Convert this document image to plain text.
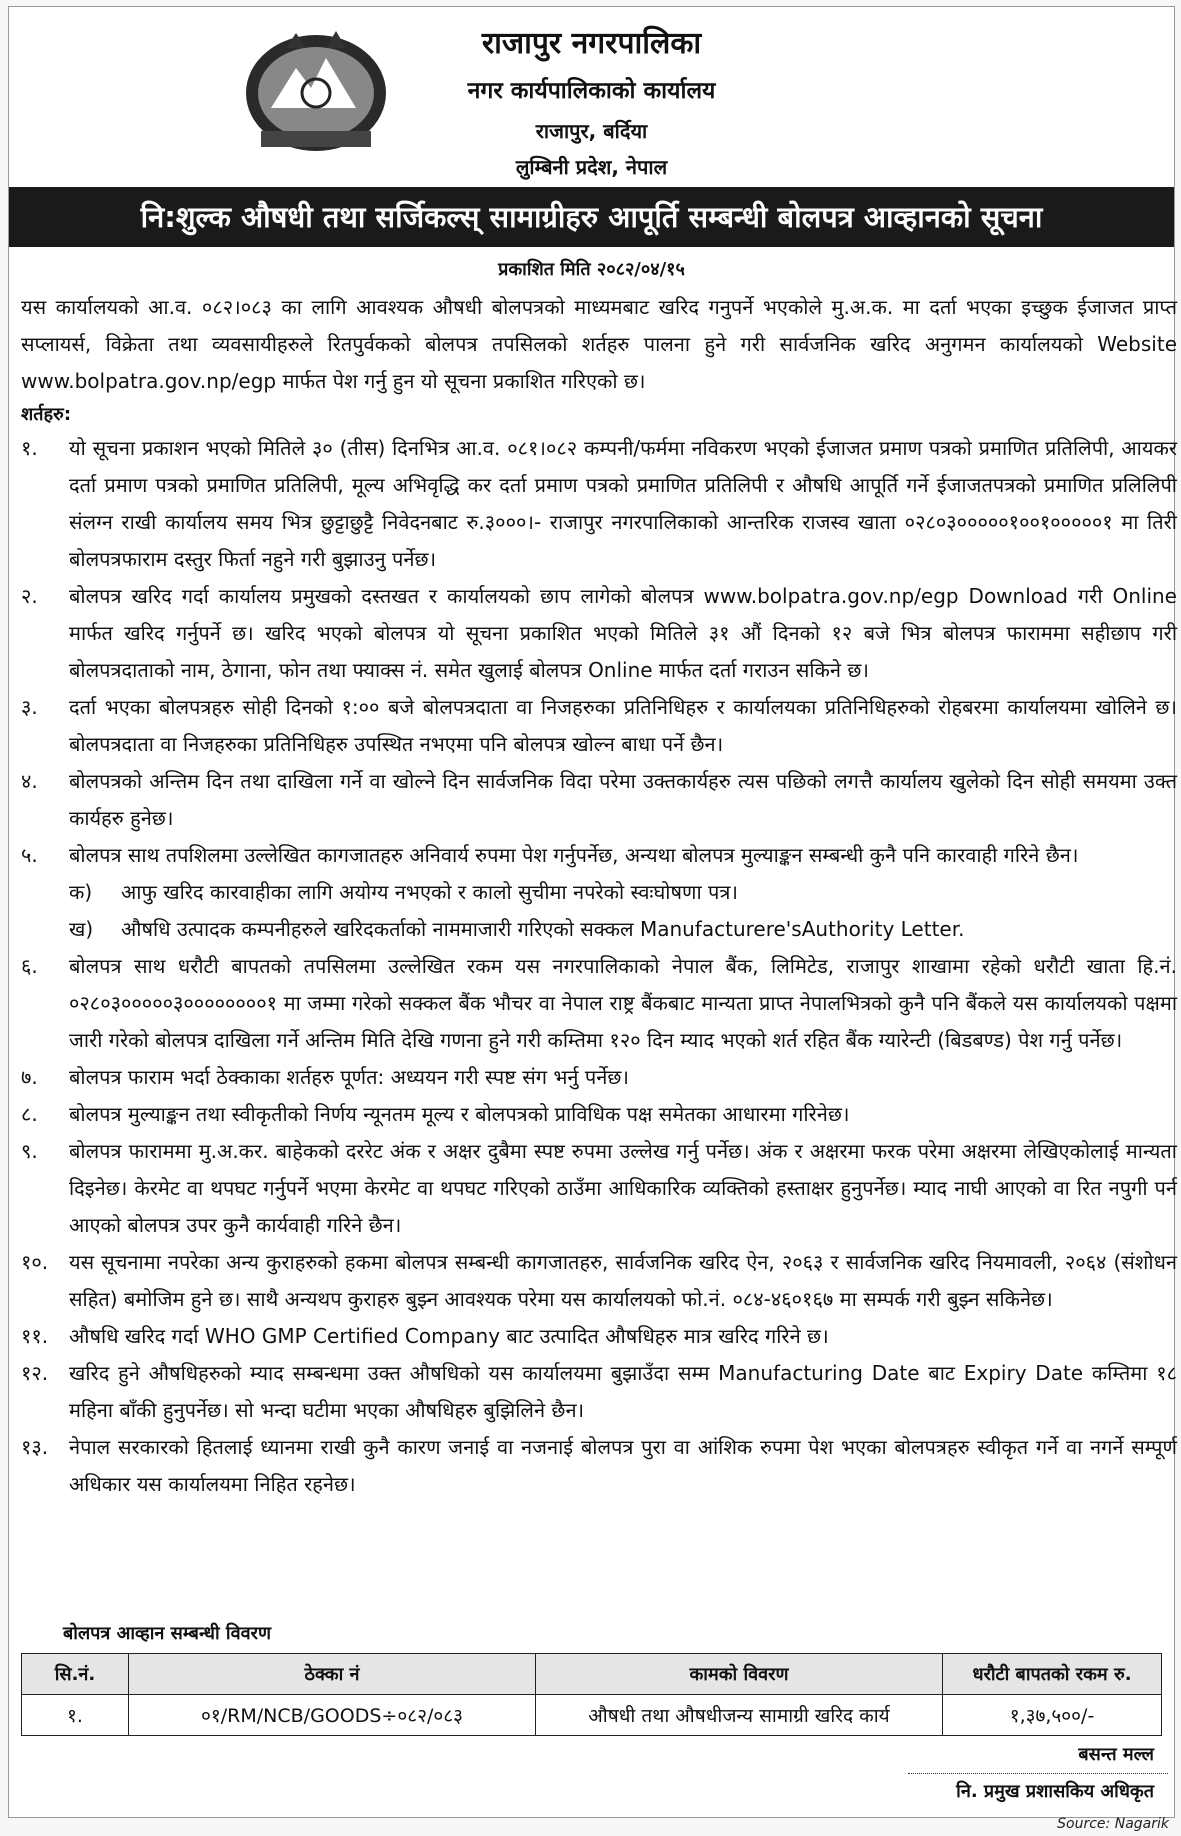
राजापुर नगरपालिका
नगर कार्यपालिकाको कार्यालय
राजापुर, बर्दिया
लुम्बिनी प्रदेश, नेपाल
नि:शुल्क औषधी तथा सर्जिकल्स् सामाग्रीहरु आपूर्ति सम्बन्धी बोलपत्र आव्हानको सूचना
प्रकाशित मिति २०८२/०४/१५
यस कार्यालयको आ.व. ०८२।०८३ का लागि आवश्यक औषधी बोलपत्रको माध्यमबाट खरिद गनुपर्ने भएकोले मु.अ.क. मा दर्ता भएका इच्छुक ईजाजत प्राप्त सप्लायर्स, विक्रेता तथा व्यवसायीहरुले रितपुर्वकको बोलपत्र तपसिलको शर्तहरु पालना हुने गरी सार्वजनिक खरिद अनुगमन कार्यालयको Website www.bolpatra.gov.np/egp मार्फत पेश गर्नु हुन यो सूचना प्रकाशित गरिएको छ।
शर्तहरु:
१.	यो सूचना प्रकाशन भएको मितिले ३० (तीस) दिनभित्र आ.व. ०८१।०८२ कम्पनी/फर्ममा नविकरण भएको ईजाजत प्रमाण पत्रको प्रमाणित प्रतिलिपी, आयकर दर्ता प्रमाण पत्रको प्रमाणित प्रतिलिपी, मूल्य अभिवृद्धि कर दर्ता प्रमाण पत्रको प्रमाणित प्रतिलिपी र औषधि आपूर्ति गर्ने ईजाजतपत्रको प्रमाणित प्रलिलिपी संलग्न राखी कार्यालय समय भित्र छुट्टाछुट्टै निवेदनबाट रु.३०००।- राजापुर नगरपालिकाको आन्तरिक राजस्व खाता ०२८०३०००००१००१०००००१ मा तिरी बोलपत्रफाराम दस्तुर फिर्ता नहुने गरी बुझाउनु पर्नेछ।
२.	बोलपत्र खरिद गर्दा कार्यालय प्रमुखको दस्तखत र कार्यालयको छाप लागेको बोलपत्र www.bolpatra.gov.np/egp Download गरी Online मार्फत खरिद गर्नुपर्ने छ। खरिद भएको बोलपत्र यो सूचना प्रकाशित भएको मितिले ३१ औं दिनको १२ बजे भित्र बोलपत्र फाराममा सहीछाप गरी बोलपत्रदाताको नाम, ठेगाना, फोन तथा फ्याक्स नं. समेत खुलाई बोलपत्र Online मार्फत दर्ता गराउन सकिने छ।
३.	दर्ता भएका बोलपत्रहरु सोही दिनको १:०० बजे बोलपत्रदाता वा निजहरुका प्रतिनिधिहरु र कार्यालयका प्रतिनिधिहरुको रोहबरमा कार्यालयमा खोलिने छ। बोलपत्रदाता वा निजहरुका प्रतिनिधिहरु उपस्थित नभएमा पनि बोलपत्र खोल्न बाधा पर्ने छैन।
४.	बोलपत्रको अन्तिम दिन तथा दाखिला गर्ने वा खोल्ने दिन सार्वजनिक विदा परेमा उक्तकार्यहरु त्यस पछिको लगत्तै कार्यालय खुलेको दिन सोही समयमा उक्त कार्यहरु हुनेछ।
५.	बोलपत्र साथ तपशिलमा उल्लेखित कागजातहरु अनिवार्य रुपमा पेश गर्नुपर्नेछ, अन्यथा बोलपत्र मुल्याङ्कन सम्बन्धी कुनै पनि कारवाही गरिने छैन।
क)	आफु खरिद कारवाहीका लागि अयोग्य नभएको र कालो सुचीमा नपरेको स्वःघोषणा पत्र।
ख)	औषधि उत्पादक कम्पनीहरुले खरिदकर्ताको नाममाजारी गरिएको सक्कल Manufacturere'sAuthority Letter.
६.	बोलपत्र साथ धरौटी बापतको तपसिलमा उल्लेखित रकम यस नगरपालिकाको नेपाल बैंक, लिमिटेड, राजापुर शाखामा रहेको धरौटी खाता हि.नं. ०२८०३०००००३००००००००१ मा जम्मा गरेको सक्कल बैंक भौचर वा नेपाल राष्ट्र बैंकबाट मान्यता प्राप्त नेपालभित्रको कुनै पनि बैंकले यस कार्यालयको पक्षमा जारी गरेको बोलपत्र दाखिला गर्ने अन्तिम मिति देखि गणना हुने गरी कम्तिमा १२० दिन म्याद भएको शर्त रहित बैंक ग्यारेन्टी (बिडबण्ड) पेश गर्नु पर्नेछ।
७.	बोलपत्र फाराम भर्दा ठेक्काका शर्तहरु पूर्णत: अध्ययन गरी स्पष्ट संग भर्नु पर्नेछ।
८.	बोलपत्र मुल्याङ्कन तथा स्वीकृतीको निर्णय न्यूनतम मूल्य र बोलपत्रको प्राविधिक पक्ष समेतका आधारमा गरिनेछ।
९.	बोलपत्र फाराममा मु.अ.कर. बाहेकको दररेट अंक र अक्षर दुबैमा स्पष्ट रुपमा उल्लेख गर्नु पर्नेछ। अंक र अक्षरमा फरक परेमा अक्षरमा लेखिएकोलाई मान्यता दिइनेछ। केरमेट वा थपघट गर्नुपर्ने भएमा केरमेट वा थपघट गरिएको ठाउँमा आधिकारिक व्यक्तिको हस्ताक्षर हुनुपर्नेछ। म्याद नाघी आएको वा रित नपुगी पर्न आएको बोलपत्र उपर कुनै कार्यवाही गरिने छैन।
१०.	यस सूचनामा नपरेका अन्य कुराहरुको हकमा बोलपत्र सम्बन्धी कागजातहरु, सार्वजनिक खरिद ऐन, २०६३ र सार्वजनिक खरिद नियमावली, २०६४ (संशोधन सहित) बमोजिम हुने छ। साथै अन्यथप कुराहरु बुझ्न आवश्यक परेमा यस कार्यालयको फो.नं. ०८४-४६०१६७ मा सम्पर्क गरी बुझ्न सकिनेछ।
११.	औषधि खरिद गर्दा WHO GMP Certified Company बाट उत्पादित औषधिहरु मात्र खरिद गरिने छ।
१२.	खरिद हुने औषधिहरुको म्याद सम्बन्धमा उक्त औषधिको यस कार्यालयमा बुझाउँदा सम्म Manufacturing Date बाट Expiry Date कम्तिमा १८ महिना बाँकी हुनुपर्नेछ। सो भन्दा घटीमा भएका औषधिहरु बुझिलिने छैन।
१३.	नेपाल सरकारको हितलाई ध्यानमा राखी कुनै कारण जनाई वा नजनाई बोलपत्र पुरा वा आंशिक रुपमा पेश भएका बोलपत्रहरु स्वीकृत गर्ने वा नगर्ने सम्पूर्ण अधिकार यस कार्यालयमा निहित रहनेछ।
बोलपत्र आव्हान सम्बन्धी विवरण
सि.नं.	ठेक्का नं	कामको विवरण	धरौटी बापतको रकम रु.
१.	०१/RM/NCB/GOODS÷०८२/०८३	औषधी तथा औषधीजन्य सामाग्री खरिद कार्य	१,३७,५००/-
बसन्त मल्ल
नि. प्रमुख प्रशासकिय अधिकृत
Source: Nagarik
